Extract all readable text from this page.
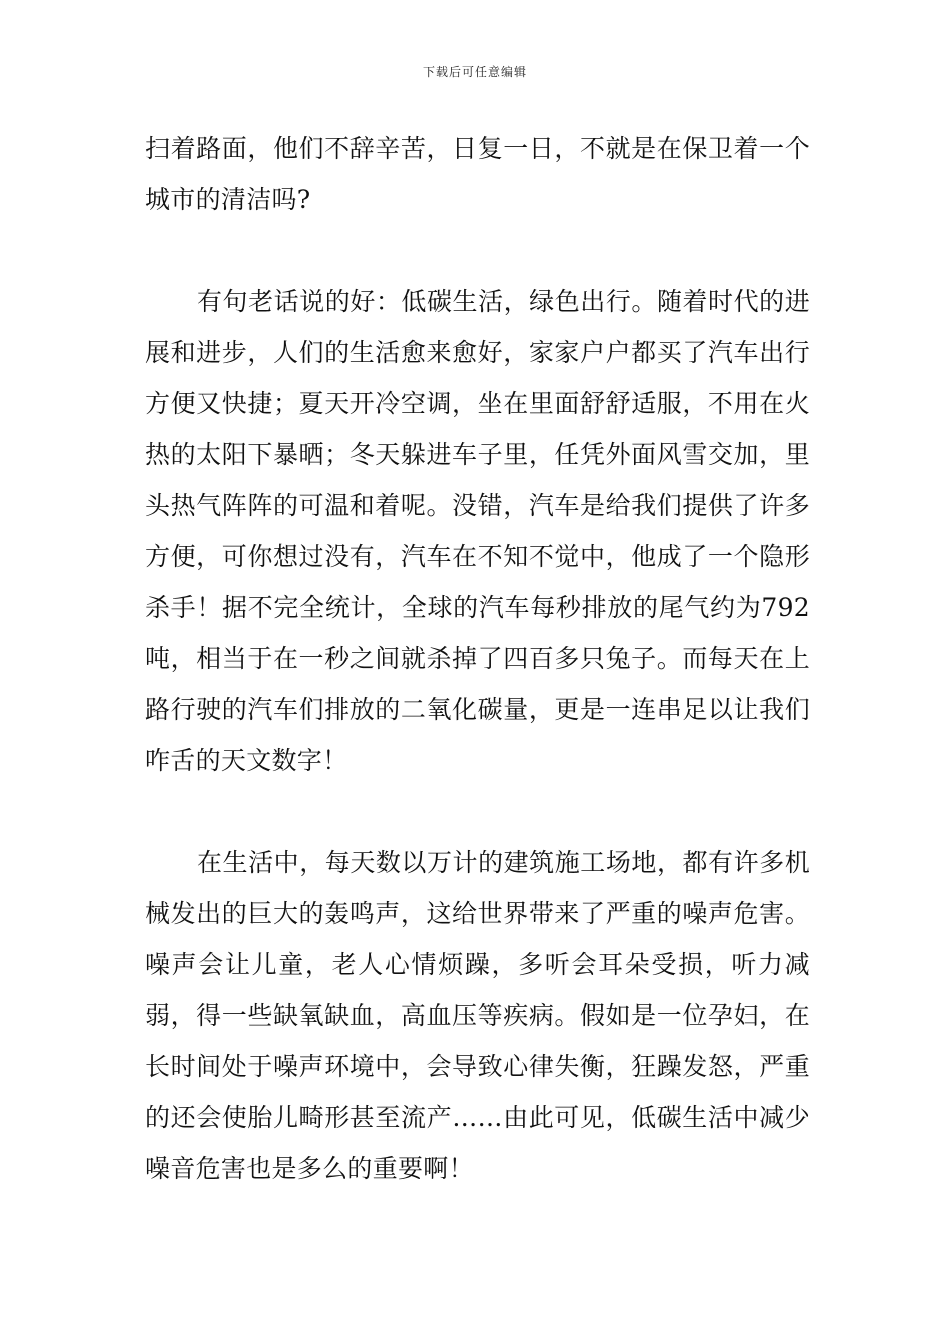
下载后可任意编辑

扫着路面，他们不辞辛苦，日复一日，不就是在保卫着一个城市的清洁吗?

有句老话说的好：低碳生活，绿色出行。随着时代的进展和进步，人们的生活愈来愈好，家家户户都买了汽车出行方便又快捷；夏天开冷空调，坐在里面舒舒适服，不用在火热的太阳下暴晒；冬天躲进车子里，任凭外面风雪交加，里头热气阵阵的可温和着呢。没错，汽车是给我们提供了许多方便，可你想过没有，汽车在不知不觉中，他成了一个隐形杀手！据不完全统计，全球的汽车每秒排放的尾气约为792吨，相当于在一秒之间就杀掉了四百多只兔子。而每天在上路行驶的汽车们排放的二氧化碳量，更是一连串足以让我们咋舌的天文数字！

在生活中，每天数以万计的建筑施工场地，都有许多机械发出的巨大的轰鸣声，这给世界带来了严重的噪声危害。噪声会让儿童，老人心情烦躁，多听会耳朵受损，听力减弱，得一些缺氧缺血，高血压等疾病。假如是一位孕妇，在长时间处于噪声环境中，会导致心律失衡，狂躁发怒，严重的还会使胎儿畸形甚至流产……由此可见，低碳生活中减少噪音危害也是多么的重要啊！
